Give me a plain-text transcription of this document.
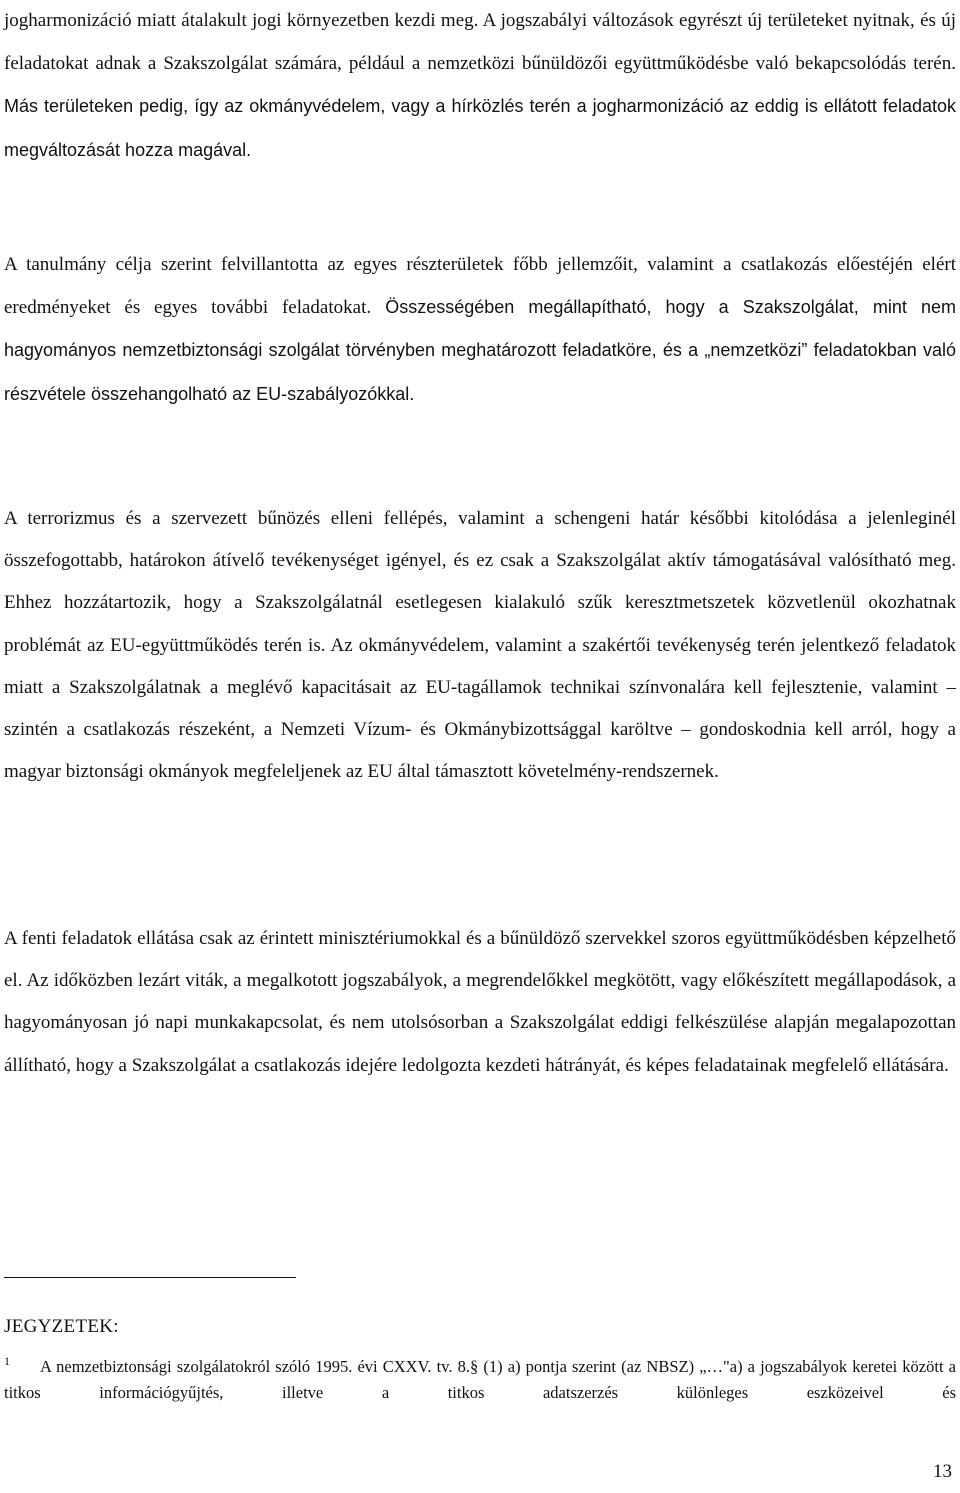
jogharmonizáció miatt átalakult jogi környezetben kezdi meg. A jogszabályi változások egyrészt új területeket nyitnak, és új feladatokat adnak a Szakszolgálat számára, például a nemzetközi bűnüldözői együttműködésbe való bekapcsolódás terén. Más területeken pedig, így az okmányvédelem, vagy a hírközlés terén a jogharmonizáció az eddig is ellátott feladatok megváltozását hozza magával.

A tanulmány célja szerint felvillantotta az egyes részterületek főbb jellemzőit, valamint a csatlakozás előestéjén elért eredményeket és egyes további feladatokat. Összességében megállapítható, hogy a Szakszolgálat, mint nem hagyományos nemzetbiztonsági szolgálat törvényben meghatározott feladatköre, és a „nemzetközi” feladatokban való részvétele összehangolható az EU-szabályozókkal.

A terrorizmus és a szervezett bűnözés elleni fellépés, valamint a schengeni határ későbbi kitolódása a jelenleginél összefogottabb, határokon átívelő tevékenységet igényel, és ez csak a Szakszolgálat aktív támogatásával valósítható meg. Ehhez hozzátartozik, hogy a Szakszolgálatnál esetlegesen kialakuló szűk keresztmetszetek közvetlenül okozhatnak problémát az EU-együttműködés terén is. Az okmányvédelem, valamint a szakértői tevékenység terén jelentkező feladatok miatt a Szakszolgálatnak a meglévő kapacitásait az EU-tagállamok technikai színvonalára kell fejlesztenie, valamint – szintén a csatlakozás részeként, a Nemzeti Vízum- és Okmánybizottsággal karöltve – gondoskodnia kell arról, hogy a magyar biztonsági okmányok megfeleljenek az EU által támasztott követelmény-rendszernek.

A fenti feladatok ellátása csak az érintett minisztériumokkal és a bűnüldöző szervekkel szoros együttműködésben képzelhető el. Az időközben lezárt viták, a megalkotott jogszabályok, a megrendelőkkel megkötött, vagy előkészített megállapodások, a hagyományosan jó napi munkakapcsolat, és nem utolsósorban a Szakszolgálat eddigi felkészülése alapján megalapozottan állítható, hogy a Szakszolgálat a csatlakozás idejére ledolgozta kezdeti hátrányát, és képes feladatainak megfelelő ellátására.

JEGYZETEK:

1	A nemzetbiztonsági szolgálatokról szóló 1995. évi CXXV. tv. 8.§ (1) a) pontja szerint (az NBSZ) „…"a) a jogszabályok keretei között a titkos információgyűjtés, illetve a titkos adatszerzés különleges eszközeivel és

13
